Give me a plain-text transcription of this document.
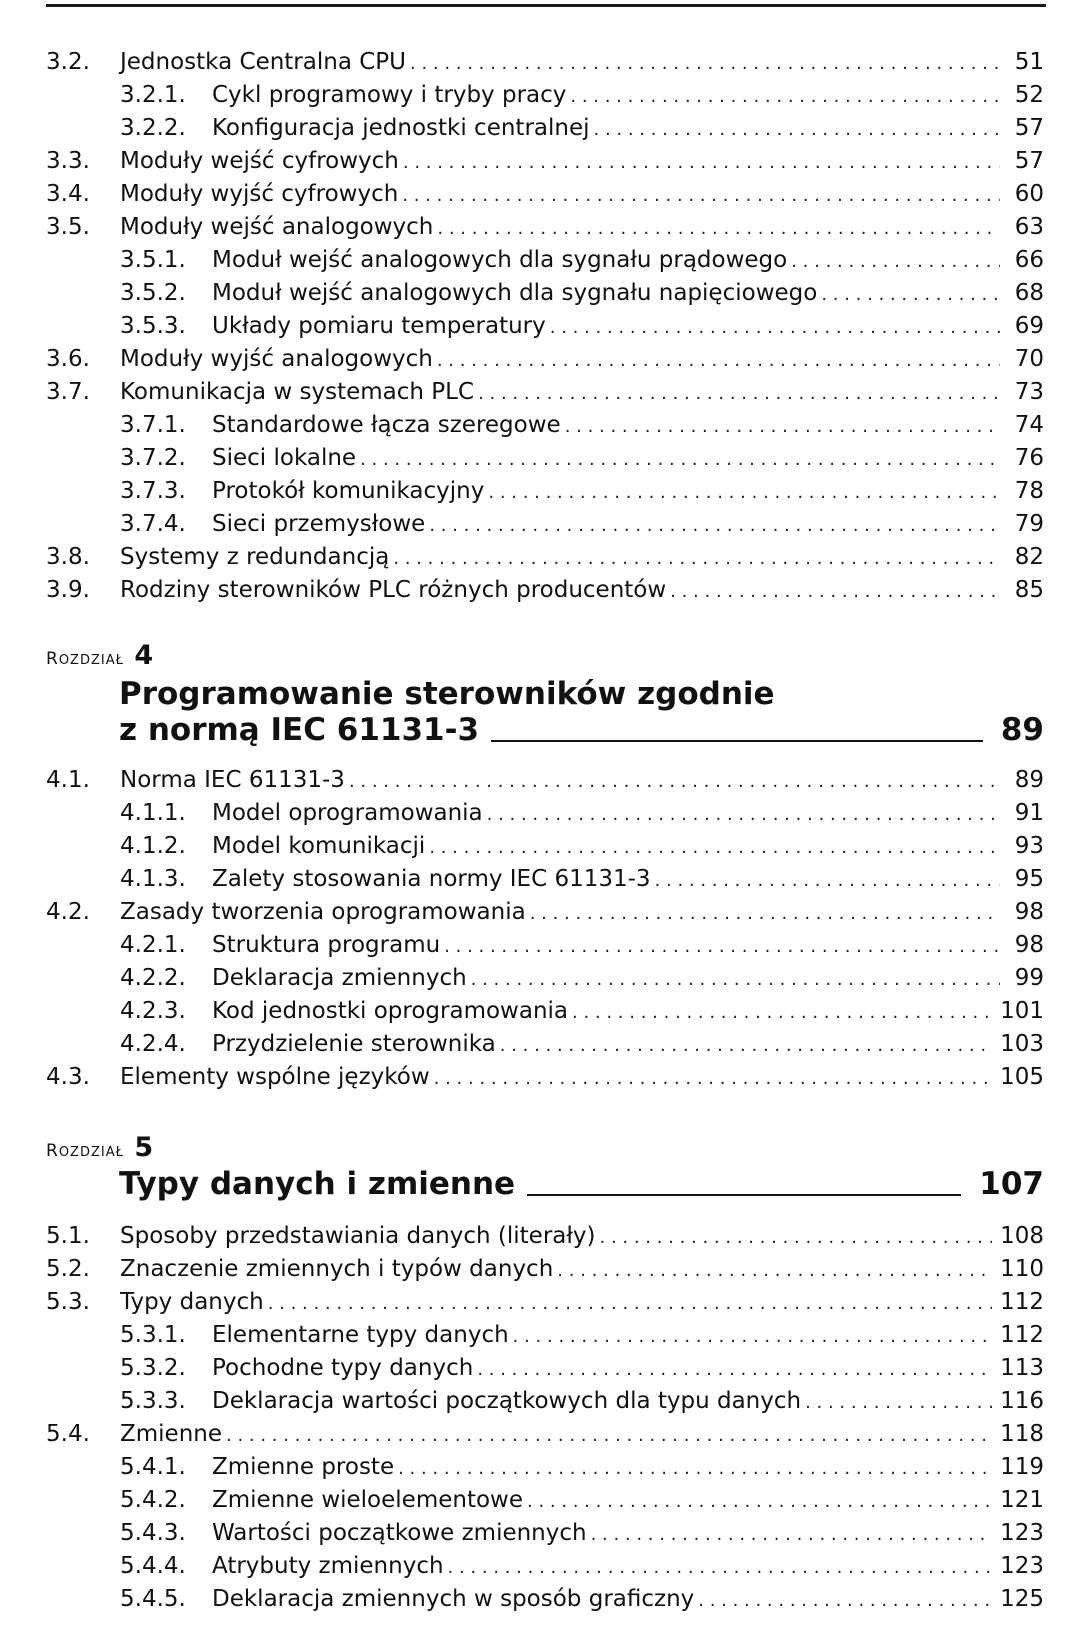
3.2.	Jednostka Centralna CPU . . .	51
3.2.1.	Cykl programowy i tryby pracy . . .	52
3.2.2.	Konfiguracja jednostki centralnej . . .	57
3.3.	Moduły wejść cyfrowych . . .	57
3.4.	Moduły wyjść cyfrowych . . .	60
3.5.	Moduły wejść analogowych . . .	63
3.5.1.	Moduł wejść analogowych dla sygnału prądowego . . .	66
3.5.2.	Moduł wejść analogowych dla sygnału napięciowego . . .	68
3.5.3.	Układy pomiaru temperatury . . .	69
3.6.	Moduły wyjść analogowych . . .	70
3.7.	Komunikacja w systemach PLC . . .	73
3.7.1.	Standardowe łącza szeregowe . . .	74
3.7.2.	Sieci lokalne . . .	76
3.7.3.	Protokół komunikacyjny . . .	78
3.7.4.	Sieci przemysłowe . . .	79
3.8.	Systemy z redundancją . . .	82
3.9.	Rodziny sterowników PLC różnych producentów . . .	85
ROZDZIAŁ 4
Programowanie sterowników zgodnie
z normą IEC 61131-3	89
4.1.	Norma IEC 61131-3 . . .	89
4.1.1.	Model oprogramowania . . .	91
4.1.2.	Model komunikacji . . .	93
4.1.3.	Zalety stosowania normy IEC 61131-3 . . .	95
4.2.	Zasady tworzenia oprogramowania . . .	98
4.2.1.	Struktura programu . . .	98
4.2.2.	Deklaracja zmiennych . . .	99
4.2.3.	Kod jednostki oprogramowania . . .	101
4.2.4.	Przydzielenie sterownika . . .	103
4.3.	Elementy wspólne języków . . .	105
ROZDZIAŁ 5
Typy danych i zmienne	107
5.1.	Sposoby przedstawiania danych (literały) . . .	108
5.2.	Znaczenie zmiennych i typów danych . . .	110
5.3.	Typy danych . . .	112
5.3.1.	Elementarne typy danych . . .	112
5.3.2.	Pochodne typy danych . . .	113
5.3.3.	Deklaracja wartości początkowych dla typu danych . . .	116
5.4.	Zmienne . . .	118
5.4.1.	Zmienne proste . . .	119
5.4.2.	Zmienne wieloelementowe . . .	121
5.4.3.	Wartości początkowe zmiennych . . .	123
5.4.4.	Atrybuty zmiennych . . .	123
5.4.5.	Deklaracja zmiennych w sposób graficzny . . .	125
